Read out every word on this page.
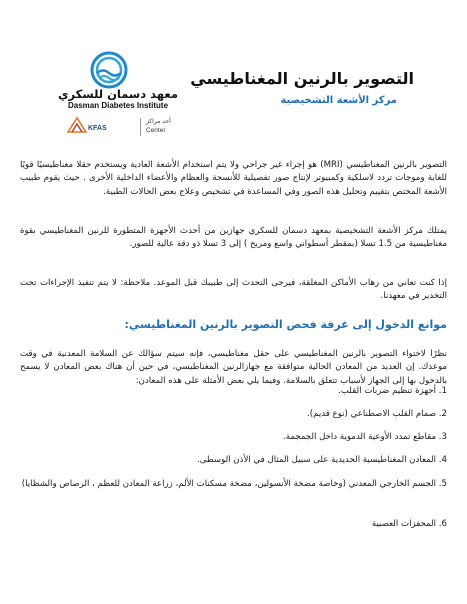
معهد دسمان للسكري
Dasman Diabetes Institute
KFAS
أحد مراكز
Center
التصوير بالرنين المغناطيسي
مركز الأشعة التشخيصية

التصوير بالرنين المغناطيسي (MRI) هو إجراء غير جراحي ولا يتم استخدام الأشعة العادية ويستخدم حقلا مغناطيسيًا قويًا للغاية وموجات تردد لاسلكية وكمبيوتر لإنتاج صور تفصيلية للأنسجة والعظام والأعضاء الداخلية الأخرى . حيث يقوم طبيب الأشعة المختص بتقييم وتحليل هذه الصور وفي المساعدة في تشخيص وعلاج بعض الحالات الطبية.

يمتلك مركز الأشعة التشخيصية بمعهد دسمان للسكري جهازين من أحدث الأجهزة المتطورة للرنين المغناطيسي بقوة مغناطيسية من 1.5 تسلا (بمقطر أسطواني واسع ومريح ) إلى 3 تسلا ذو دقة عالية للصور.

إذا كنت تعاني من رهاب الأماكن المغلقة، فيرجى التحدث إلى طبيبك قبل الموعد. ملاحظة: لا يتم تنفيذ الإجراءات تحت التخدير في معهدنا.

موانع الدخول إلى غرفة فحص التصوير بالرنين المغناطيسي:

نظرًا لاحتواء التصوير بالرنين المغناطيسي على حقل مغناطيسي، فإنه سيتم سؤالك عن السلامة المعدنية في وقت موعدك. إن العديد من المعادن الحالية متوافقة مع جهازالرنين المغناطيسي، في حين أن هناك بعض المعادن لا يسمح بالدخول بها إلى الجهاز لأسباب تتعلق بالسلامة. وفيما يلي بعض الأمثلة على هذه المعادن:

1. أجهزة تنظيم ضربات القلب.
2. صمام القلب الاصطناعي (نوع قديم).
3. مقاطع تمدد الأوعية الدموية داخل الجمجمة.
4. المعادن المغناطيسية الحديدية على سبيل المثال في الأذن الوسطى.
5. الجسم الخارجي المعدني (وخاصة مضخة الأنسولين، مضخة مسكنات الألم، زراعة المعادن للعظم ، الرصاص والشظايا)
6. المحفزات العصبية
